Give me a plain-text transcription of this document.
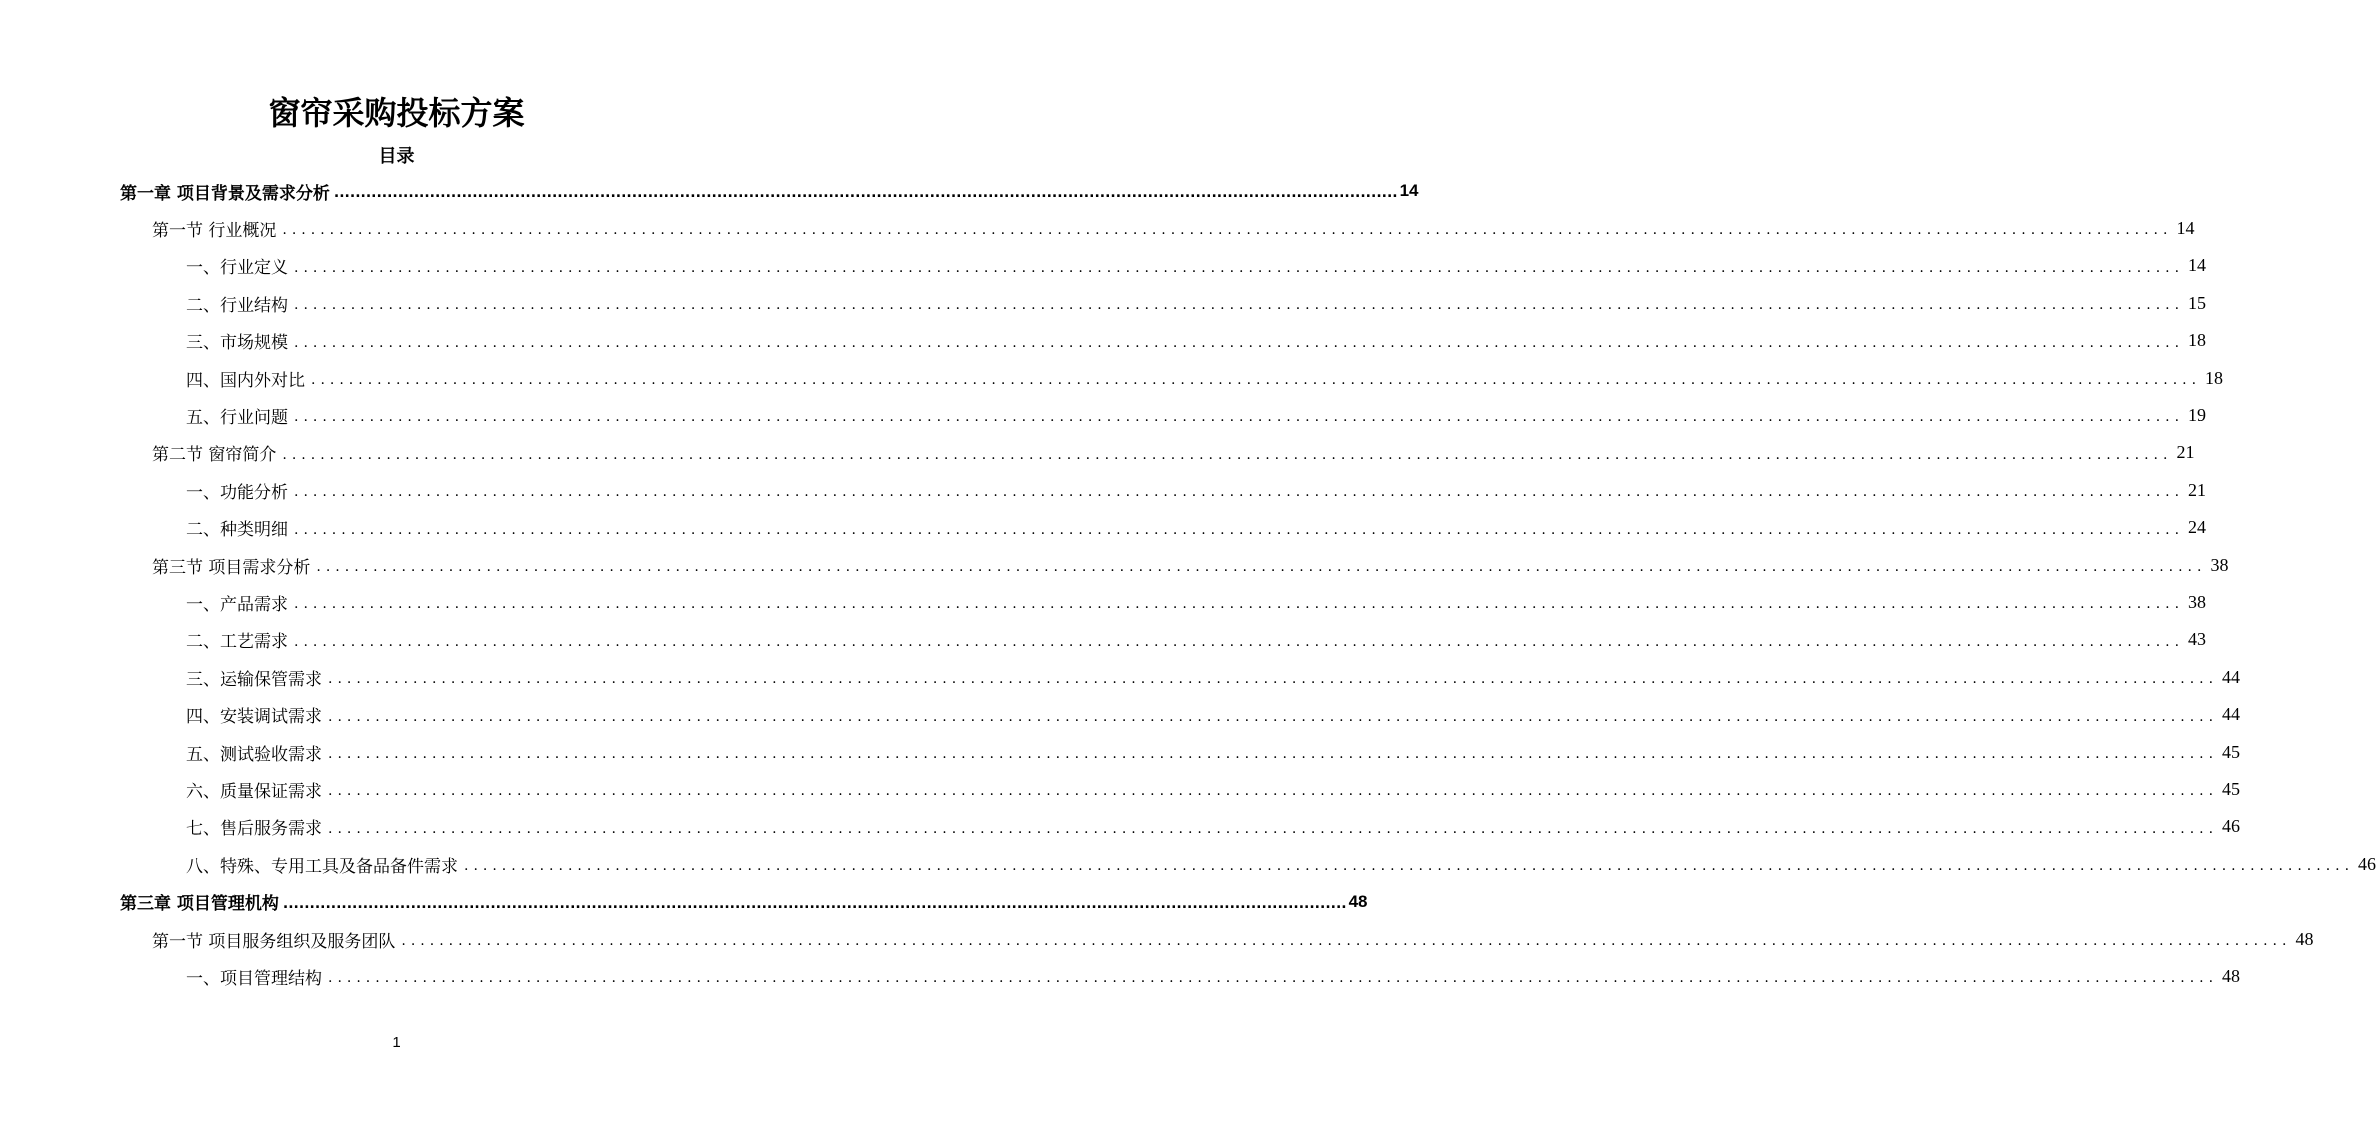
窗帘采购投标方案
目录
第一章 项目背景及需求分析 ........................................................................................................................................................................................................ 14
第一节 行业概况 ........................................................................................................................................................................................................ 14
一、行业定义 ........................................................................................................................................................................................................ 14
二、行业结构 ........................................................................................................................................................................................................ 15
三、市场规模 ........................................................................................................................................................................................................ 18
四、国内外对比 ........................................................................................................................................................................................................ 18
五、行业问题 ........................................................................................................................................................................................................ 19
第二节 窗帘简介 ........................................................................................................................................................................................................ 21
一、功能分析 ........................................................................................................................................................................................................ 21
二、种类明细 ........................................................................................................................................................................................................ 24
第三节 项目需求分析 ........................................................................................................................................................................................................ 38
一、产品需求 ........................................................................................................................................................................................................ 38
二、工艺需求 ........................................................................................................................................................................................................ 43
三、运输保管需求 ........................................................................................................................................................................................................ 44
四、安装调试需求 ........................................................................................................................................................................................................ 44
五、测试验收需求 ........................................................................................................................................................................................................ 45
六、质量保证需求 ........................................................................................................................................................................................................ 45
七、售后服务需求 ........................................................................................................................................................................................................ 46
八、特殊、专用工具及备品备件需求 ........................................................................................................................................................................................................ 46
第三章 项目管理机构 ........................................................................................................................................................................................................ 48
第一节 项目服务组织及服务团队 ........................................................................................................................................................................................................ 48
一、项目管理结构 ........................................................................................................................................................................................................ 48
1
